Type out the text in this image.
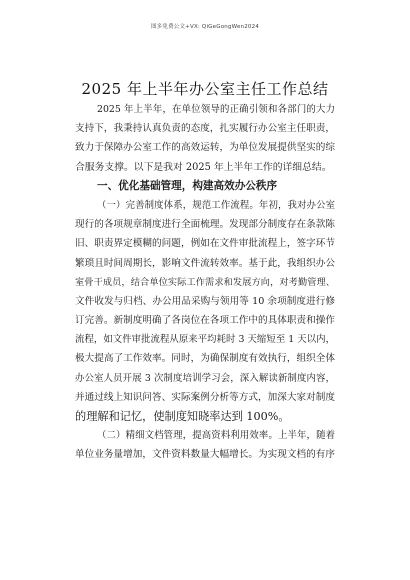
图多免费公文+VX: QiGeGongWen2024
2025 年上半年办公室主任工作总结
2025 年上半年，在单位领导的正确引领和各部门的大力
支持下，我秉持认真负责的态度，扎实履行办公室主任职责，
致力于保障办公室工作的高效运转，为单位发展提供坚实的综
合服务支撑。以下是我对 2025 年上半年工作的详细总结。
一、优化基础管理，构建高效办公秩序
（一）完善制度体系，规范工作流程。年初，我对办公室
现行的各项规章制度进行全面梳理。发现部分制度存在条款陈
旧、职责界定模糊的问题，例如在文件审批流程上，签字环节
繁琐且时间周期长，影响文件流转效率。基于此，我组织办公
室骨干成员，结合单位实际工作需求和发展方向，对考勤管理、
文件收发与归档、办公用品采购与领用等 10 余项制度进行修
订完善。新制度明确了各岗位在各项工作中的具体职责和操作
流程，如文件审批流程从原来平均耗时 3 天缩短至 1 天以内，
极大提高了工作效率。同时，为确保制度有效执行，组织全体
办公室人员开展 3 次制度培训学习会，深入解读新制度内容，
并通过线上知识问答、实际案例分析等方式，加深大家对制度
的理解和记忆，使制度知晓率达到 100%。
（二）精细文档管理，提高资料利用效率。上半年，随着
单位业务量增加，文件资料数量大幅增长。为实现文档的有序
